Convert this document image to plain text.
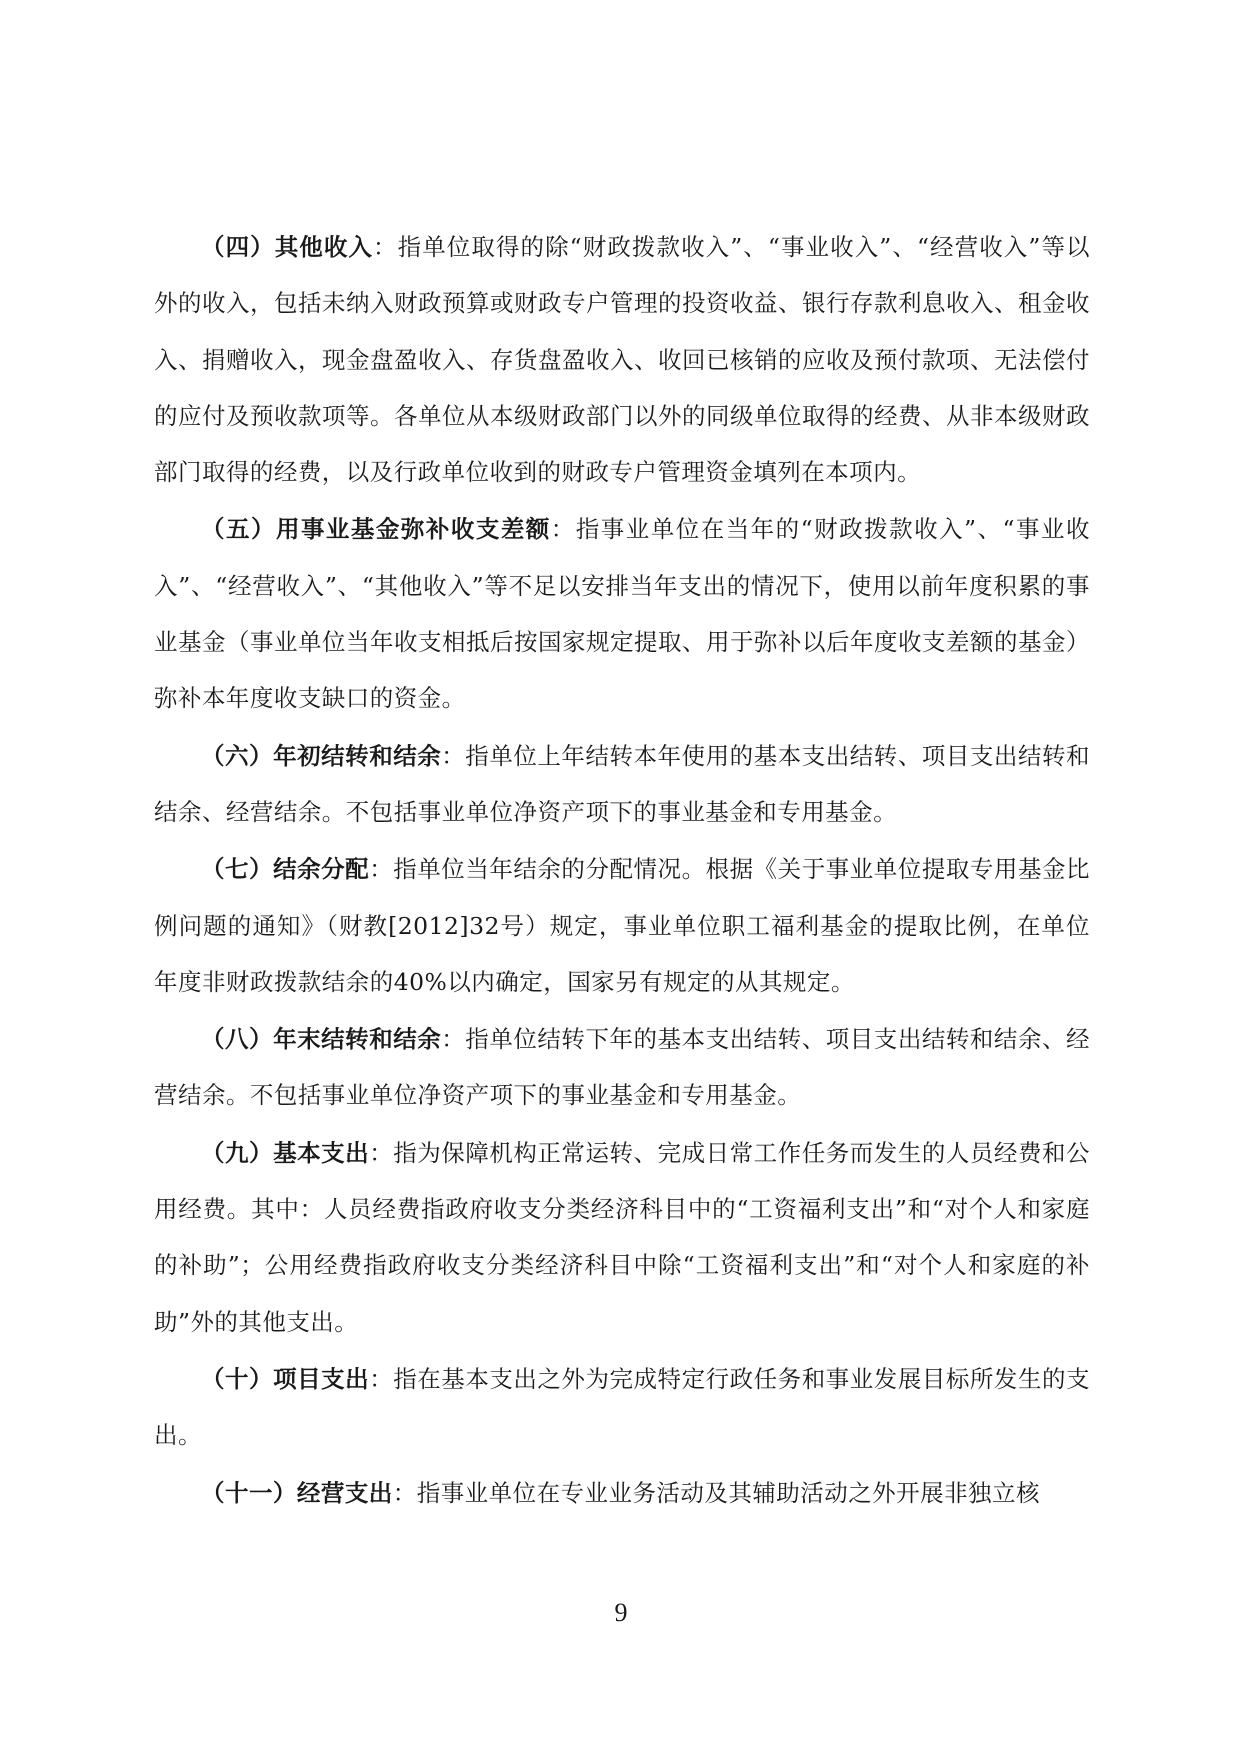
（四）其他收入：指单位取得的除“财政拨款收入”、“事业收入”、“经营收入”等以外的收入，包括未纳入财政预算或财政专户管理的投资收益、银行存款利息收入、租金收入、捐赠收入，现金盘盈收入、存货盘盈收入、收回已核销的应收及预付款项、无法偿付的应付及预收款项等。各单位从本级财政部门以外的同级单位取得的经费、从非本级财政部门取得的经费，以及行政单位收到的财政专户管理资金填列在本项内。

（五）用事业基金弥补收支差额：指事业单位在当年的“财政拨款收入”、“事业收入”、“经营收入”、“其他收入”等不足以安排当年支出的情况下，使用以前年度积累的事业基金（事业单位当年收支相抵后按国家规定提取、用于弥补以后年度收支差额的基金）弥补本年度收支缺口的资金。

（六）年初结转和结余：指单位上年结转本年使用的基本支出结转、项目支出结转和结余、经营结余。不包括事业单位净资产项下的事业基金和专用基金。

（七）结余分配：指单位当年结余的分配情况。根据《关于事业单位提取专用基金比例问题的通知》（财教[2012]32号）规定，事业单位职工福利基金的提取比例，在单位年度非财政拨款结余的40%以内确定，国家另有规定的从其规定。

（八）年末结转和结余：指单位结转下年的基本支出结转、项目支出结转和结余、经营结余。不包括事业单位净资产项下的事业基金和专用基金。

（九）基本支出：指为保障机构正常运转、完成日常工作任务而发生的人员经费和公用经费。其中：人员经费指政府收支分类经济科目中的“工资福利支出”和“对个人和家庭的补助”；公用经费指政府收支分类经济科目中除“工资福利支出”和“对个人和家庭的补助”外的其他支出。

（十）项目支出：指在基本支出之外为完成特定行政任务和事业发展目标所发生的支出。

（十一）经营支出：指事业单位在专业业务活动及其辅助活动之外开展非独立核

9
